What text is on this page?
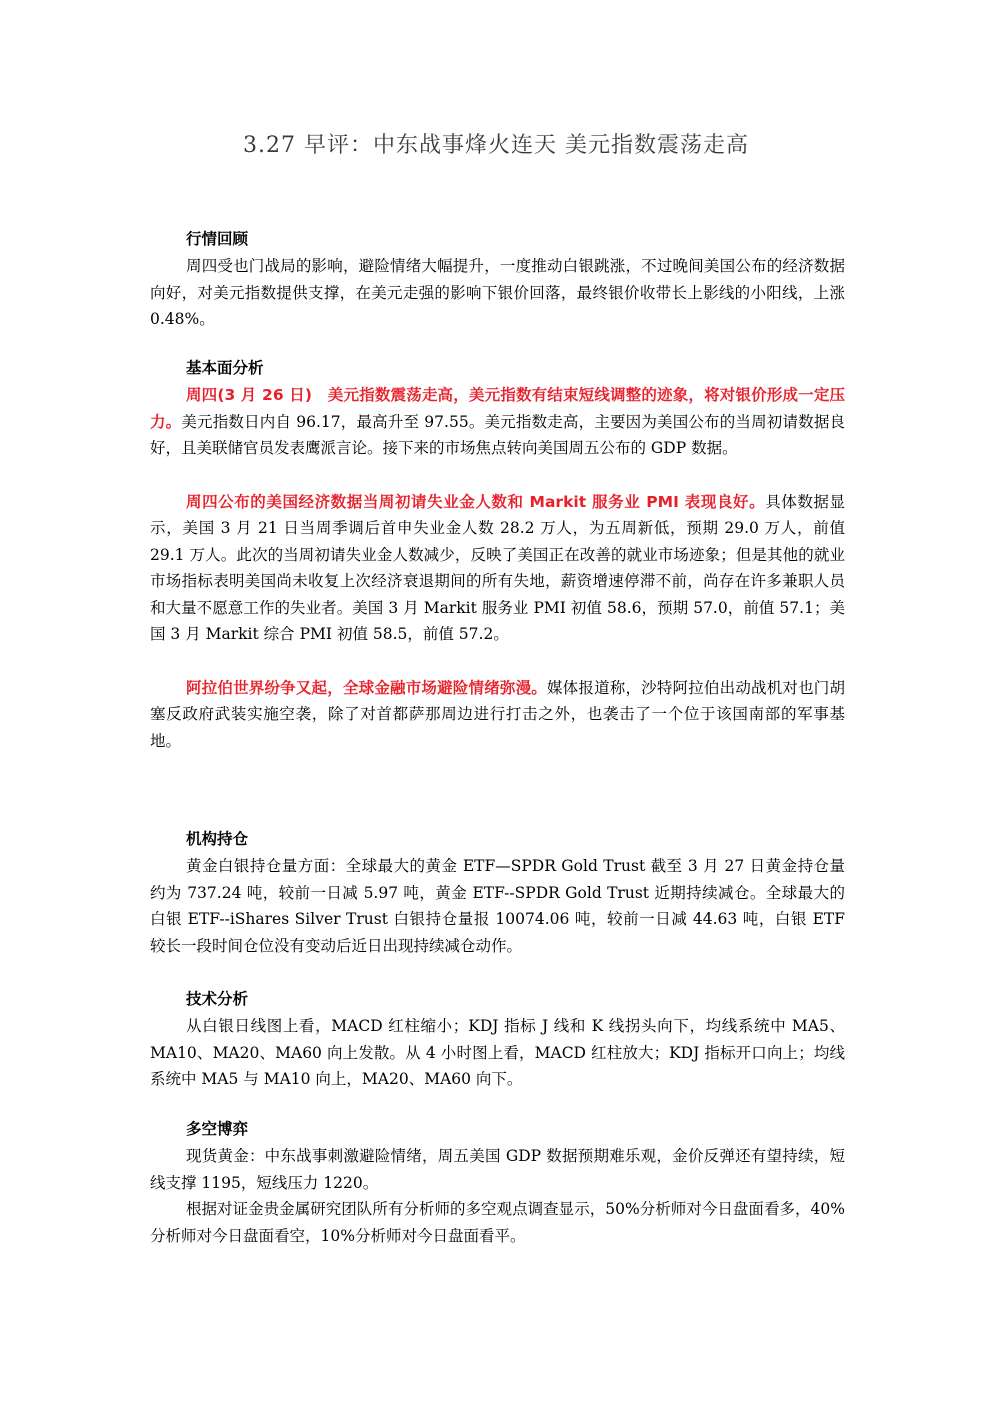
3.27 早评：中东战事烽火连天 美元指数震荡走高
行情回顾

周四受也门战局的影响，避险情绪大幅提升，一度推动白银跳涨，不过晚间美国公布的经济数据向好，对美元指数提供支撑，在美元走强的影响下银价回落，最终银价收带长上影线的小阳线，上涨 0.48%。

基本面分析

周四(3 月 26 日)　美元指数震荡走高，美元指数有结束短线调整的迹象，将对银价形成一定压力。美元指数日内自 96.17，最高升至 97.55。美元指数走高，主要因为美国公布的当周初请数据良好，且美联储官员发表鹰派言论。接下来的市场焦点转向美国周五公布的 GDP 数据。

周四公布的美国经济数据当周初请失业金人数和 Markit 服务业 PMI 表现良好。具体数据显示，美国 3 月 21 日当周季调后首申失业金人数 28.2 万人，为五周新低，预期 29.0 万人，前值 29.1 万人。此次的当周初请失业金人数减少，反映了美国正在改善的就业市场迹象；但是其他的就业市场指标表明美国尚未收复上次经济衰退期间的所有失地，薪资增速停滞不前，尚存在许多兼职人员和大量不愿意工作的失业者。美国 3 月 Markit 服务业 PMI 初值 58.6，预期 57.0，前值 57.1；美国 3 月 Markit 综合 PMI 初值 58.5，前值 57.2。

阿拉伯世界纷争又起，全球金融市场避险情绪弥漫。媒体报道称，沙特阿拉伯出动战机对也门胡塞反政府武装实施空袭，除了对首都萨那周边进行打击之外，也袭击了一个位于该国南部的军事基地。

机构持仓

黄金白银持仓量方面：全球最大的黄金 ETF—SPDR Gold Trust 截至 3 月 27 日黄金持仓量约为 737.24 吨，较前一日减 5.97 吨，黄金 ETF--SPDR Gold Trust 近期持续减仓。全球最大的白银 ETF--iShares Silver Trust 白银持仓量报 10074.06 吨，较前一日减 44.63 吨，白银 ETF 较长一段时间仓位没有变动后近日出现持续减仓动作。

技术分析

从白银日线图上看，MACD 红柱缩小；KDJ 指标 J 线和 K 线拐头向下，均线系统中 MA5、MA10、MA20、MA60 向上发散。从 4 小时图上看，MACD 红柱放大；KDJ 指标开口向上；均线系统中 MA5 与 MA10 向上，MA20、MA60 向下。

多空博弈

现货黄金：中东战事刺激避险情绪，周五美国 GDP 数据预期难乐观，金价反弹还有望持续，短线支撑 1195，短线压力 1220。

根据对证金贵金属研究团队所有分析师的多空观点调查显示，50%分析师对今日盘面看多，40%分析师对今日盘面看空，10%分析师对今日盘面看平。
